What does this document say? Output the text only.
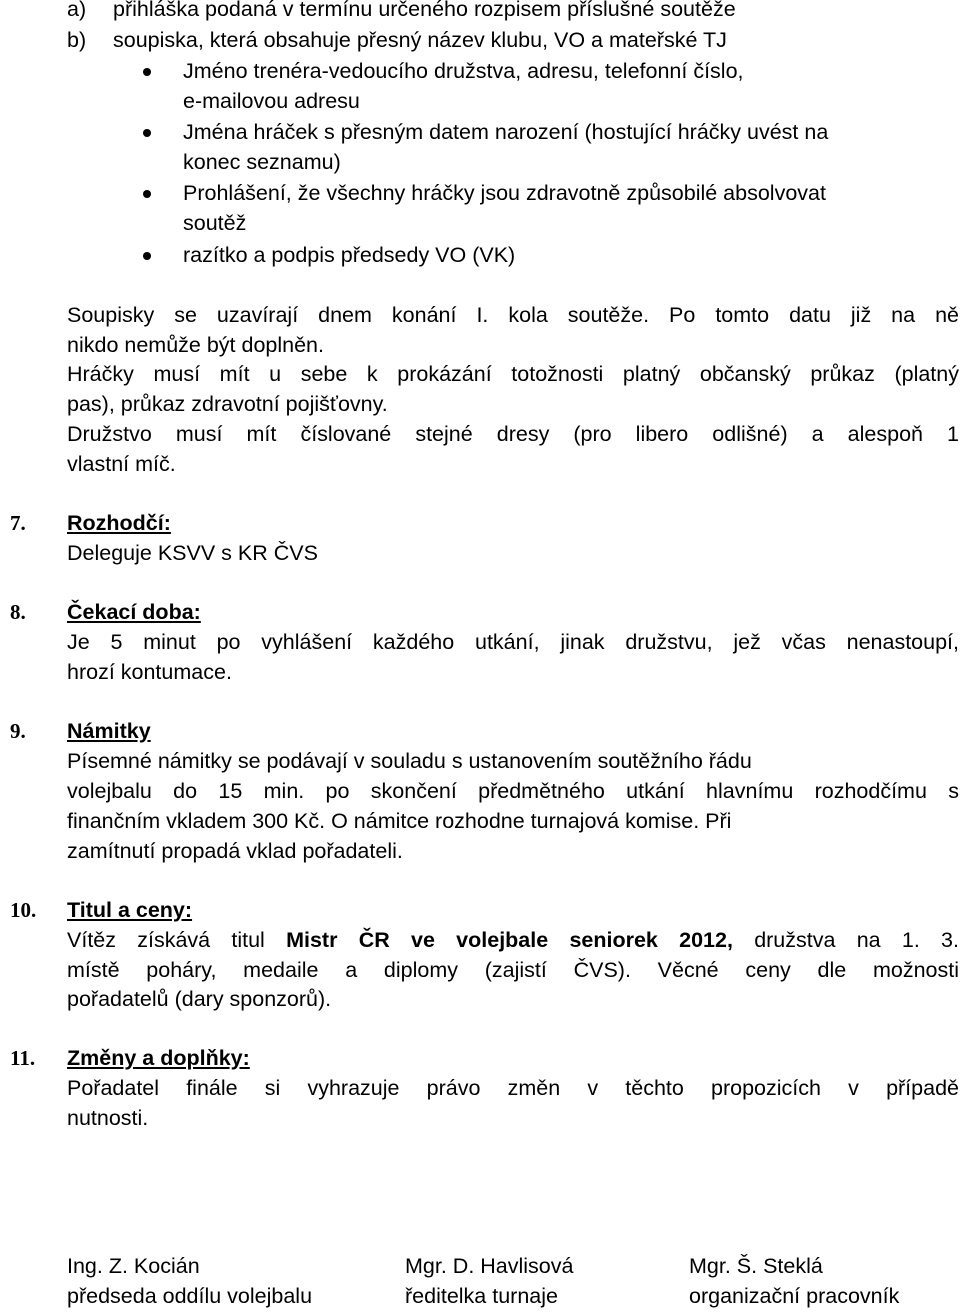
a) přihláška podaná v termínu určeného rozpisem příslušné soutěže
b) soupiska, která obsahuje přesný název klubu, VO a mateřské TJ
Jméno trenéra-vedoucího družstva, adresu, telefonní číslo,
e-mailovou adresu
Jména hráček s přesným datem narození (hostující hráčky uvést na
konec seznamu)
Prohlášení, že všechny hráčky jsou zdravotně způsobilé absolvovat
soutěž
razítko a podpis předsedy VO (VK)
Soupisky se uzavírají dnem konání I. kola soutěže. Po tomto datu již na ně
nikdo nemůže být doplněn.
Hráčky musí mít u sebe k prokázání totožnosti platný občanský průkaz (platný
pas), průkaz zdravotní pojišťovny.
Družstvo musí mít číslované stejné dresy (pro libero odlišné) a alespoň 1
vlastní míč.
7. Rozhodčí:
Deleguje KSVV s KR ČVS
8. Čekací doba:
Je 5 minut po vyhlášení každého utkání, jinak družstvu, jež včas nenastoupí,
hrozí kontumace.
9. Námitky
Písemné námitky se podávají v souladu s ustanovením soutěžního řádu
volejbalu do 15 min. po skončení předmětného utkání hlavnímu rozhodčímu s
finančním vkladem 300 Kč. O námitce rozhodne turnajová komise. Při
zamítnutí propadá vklad pořadateli.
10. Titul a ceny:
Vítěz získává titul Mistr ČR ve volejbale seniorek 2012, družstva na 1. 3.
místě poháry, medaile a diplomy (zajistí ČVS). Věcné ceny dle možnosti
pořadatelů (dary sponzorů).
11. Změny a doplňky:
Pořadatel finále si vyhrazuje právo změn v těchto propozicích v případě
nutnosti.
Ing. Z. Kocián
předseda oddílu volejbalu
Mgr. D. Havlisová
ředitelka turnaje
Mgr. Š. Steklá
organizační pracovník
